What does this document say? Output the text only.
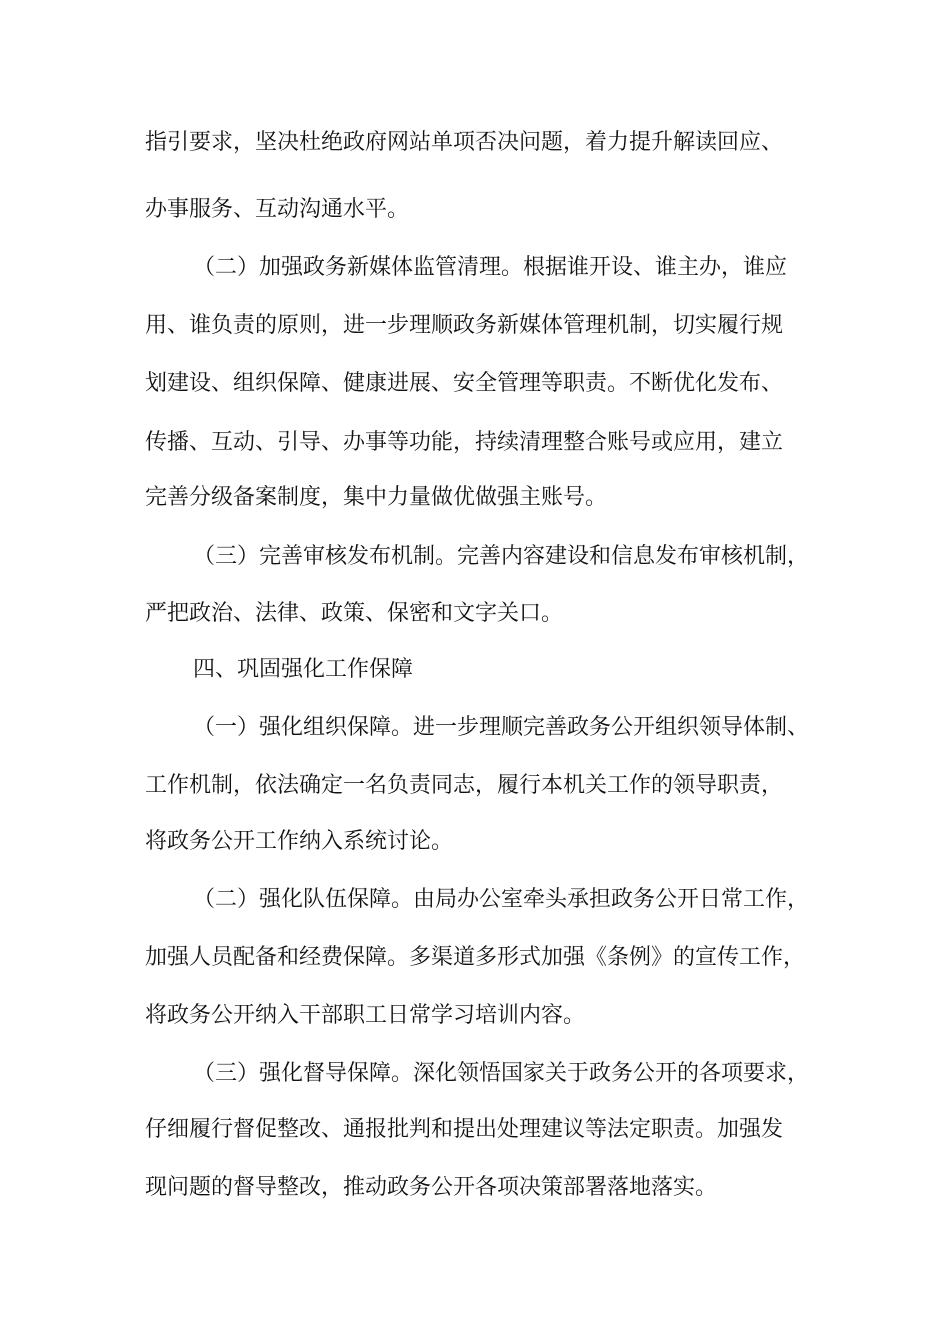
指引要求，坚决杜绝政府网站单项否决问题，着力提升解读回应、
办事服务、互动沟通水平。
（二）加强政务新媒体监管清理。根据谁开设、谁主办，谁应
用、谁负责的原则，进一步理顺政务新媒体管理机制，切实履行规
划建设、组织保障、健康进展、安全管理等职责。不断优化发布、
传播、互动、引导、办事等功能，持续清理整合账号或应用，建立
完善分级备案制度，集中力量做优做强主账号。
（三）完善审核发布机制。完善内容建设和信息发布审核机制，
严把政治、法律、政策、保密和文字关口。
四、巩固强化工作保障
（一）强化组织保障。进一步理顺完善政务公开组织领导体制、
工作机制，依法确定一名负责同志，履行本机关工作的领导职责，
将政务公开工作纳入系统讨论。
（二）强化队伍保障。由局办公室牵头承担政务公开日常工作，
加强人员配备和经费保障。多渠道多形式加强《条例》的宣传工作，
将政务公开纳入干部职工日常学习培训内容。
（三）强化督导保障。深化领悟国家关于政务公开的各项要求，
仔细履行督促整改、通报批判和提出处理建议等法定职责。加强发
现问题的督导整改，推动政务公开各项决策部署落地落实。
